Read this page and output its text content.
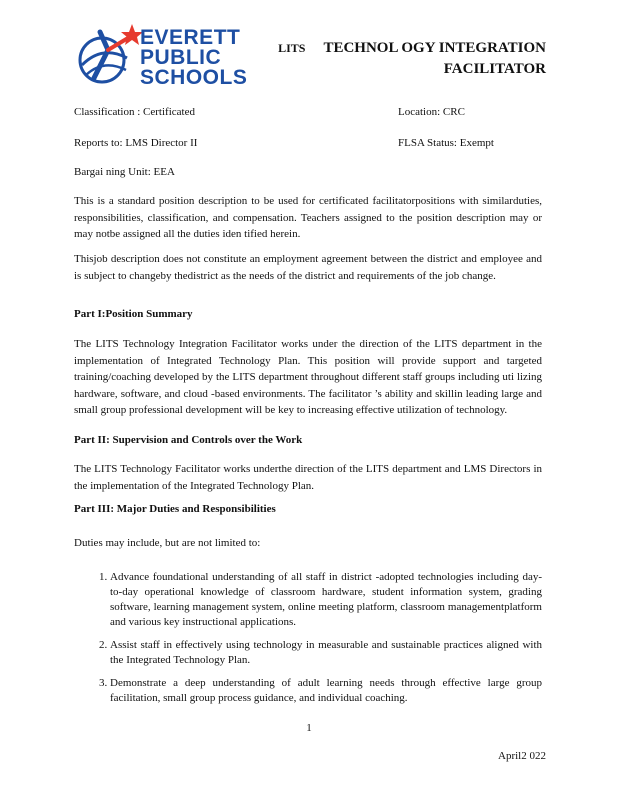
EVERETT
PUBLIC
SCHOOLS
LITS TECHNOL OGY INTEGRATION
FACILITATOR
Classification : Certificated	Location: CRC
Reports to: LMS Director II	FLSA Status: Exempt
Bargai ning Unit: EEA
This is a standard position description to be used for certificated facilitatorpositions with similarduties, responsibilities, classification, and compensation. Teachers assigned to the position description may or may notbe assigned all the duties iden tified herein.
Thisjob description does not constitute an employment agreement between the district and employee and is subject to changeby thedistrict as the needs of the district and requirements of the job change.
Part I:Position Summary
The LITS Technology Integration Facilitator works under the direction of the LITS department in the implementation of Integrated Technology Plan. This position will provide support and targeted training/coaching developed by the LITS department throughout different staff groups including uti lizing hardware, software, and cloud -based environments. The facilitator ’s ability and skillin leading large and small group professional development will be key to increasing effective utilization of technology.
Part II: Supervision and Controls over the Work
The LITS Technology Facilitator works underthe direction of the LITS department and LMS Directors in the implementation of the Integrated Technology Plan.
Part III: Major Duties and Responsibilities
Duties may include, but are not limited to:
1. Advance foundational understanding of all staff in district -adopted technologies including day-to-day operational knowledge of classroom hardware, student information system, grading software, learning management system, online meeting platform, classroom managementplatform and various key instructional applications.
2. Assist staff in effectively using technology in measurable and sustainable practices aligned with the Integrated Technology Plan.
3. Demonstrate a deep understanding of adult learning needs through effective large group facilitation, small group process guidance, and individual coaching.
1
April2 022
